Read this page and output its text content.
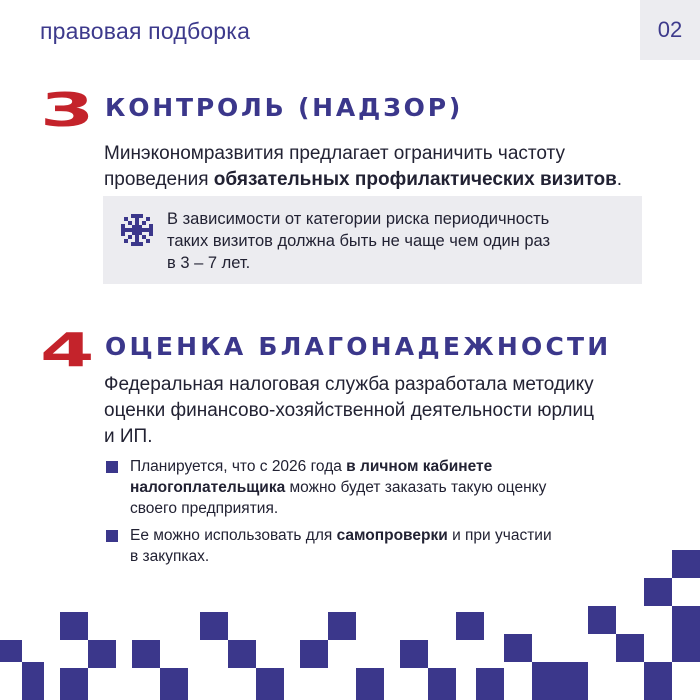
правовая подборка	02
3 КОНТРОЛЬ (НАДЗОР)
Минэкономразвития предлагает ограничить частоту проведения обязательных профилактических визитов.
В зависимости от категории риска периодичность
таких визитов должна быть не чаще чем один раз
в 3 – 7 лет.
4 ОЦЕНКА БЛАГОНАДЕЖНОСТИ
Федеральная налоговая служба разработала методику
оценки финансово-хозяйственной деятельности юрлиц
и ИП.
Планируется, что с 2026 года в личном кабинете
налогоплательщика можно будет заказать такую оценку
своего предприятия.
Ее можно использовать для самопроверки и при участии
в закупках.
